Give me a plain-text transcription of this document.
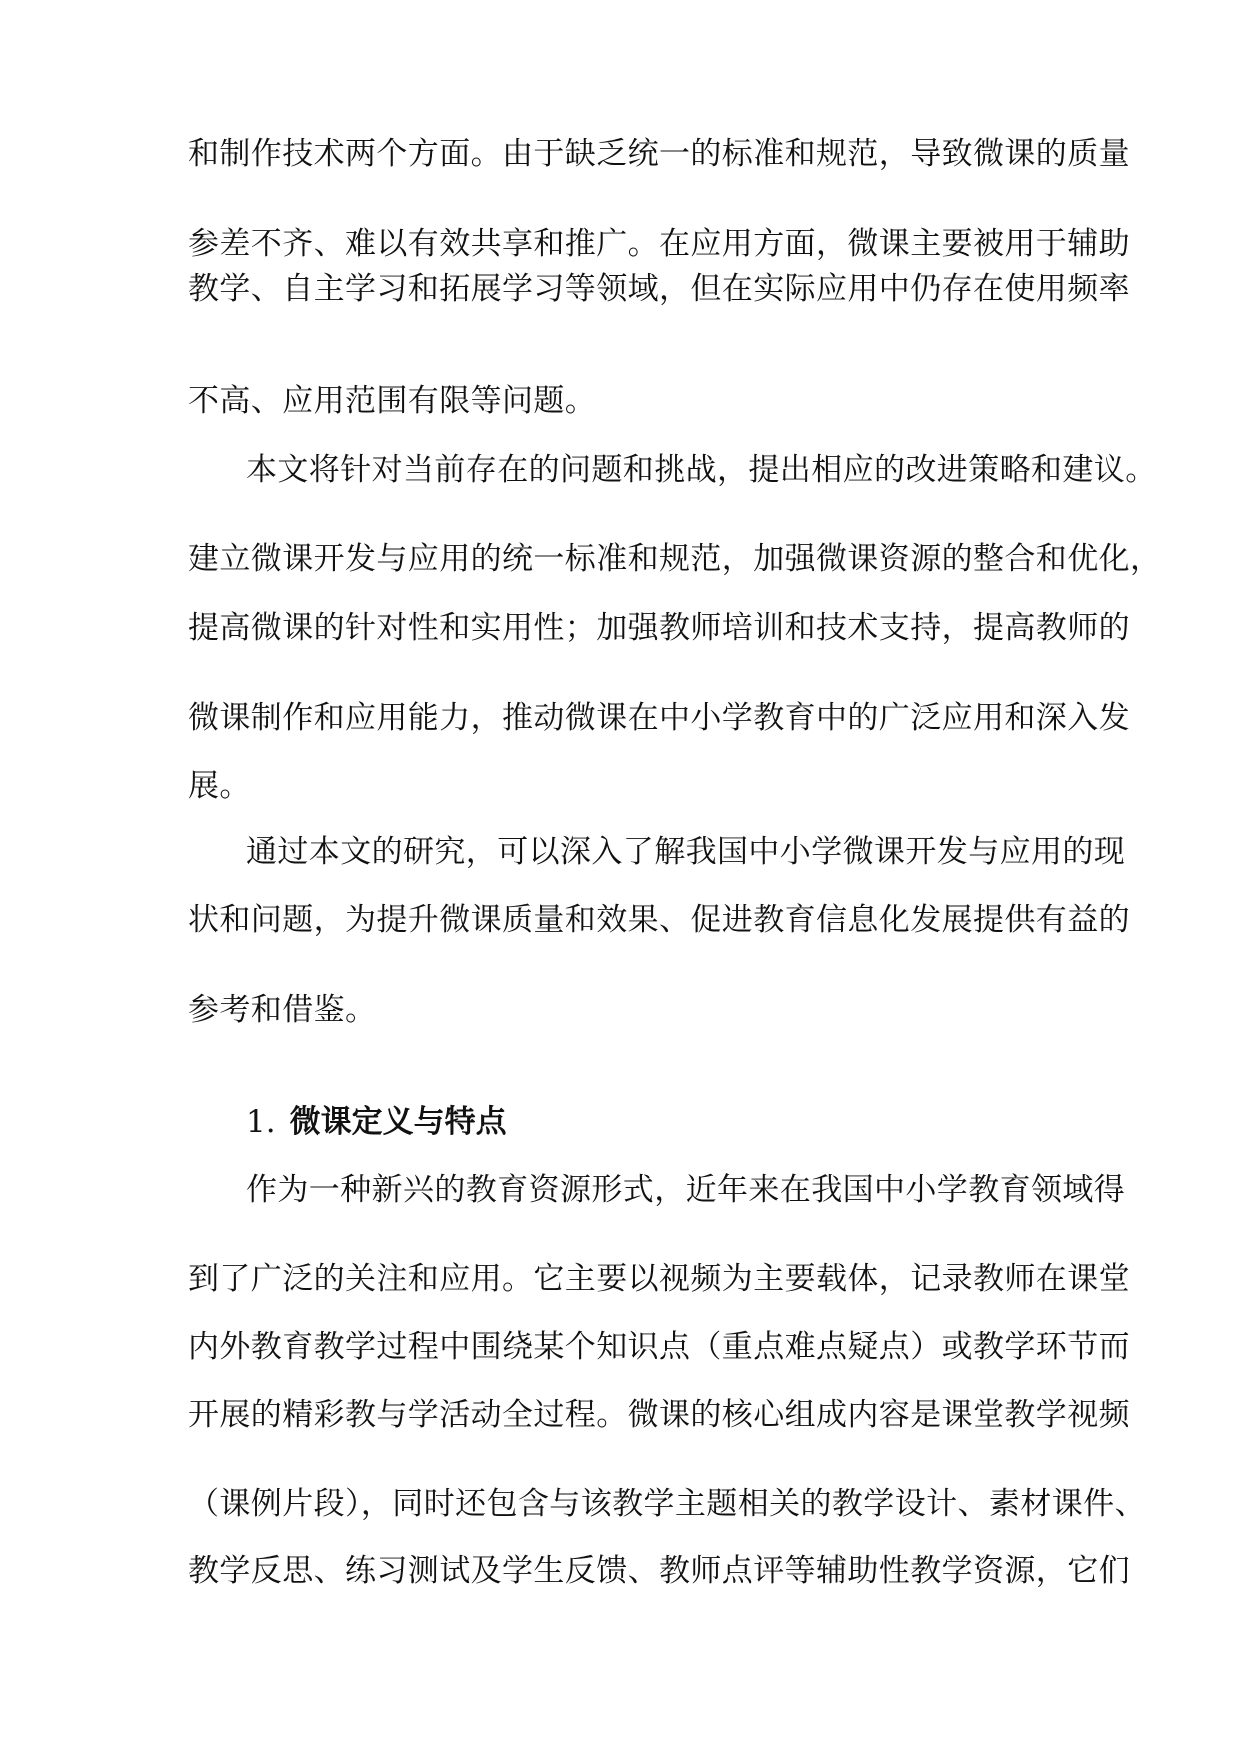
和制作技术两个方面。由于缺乏统一的标准和规范，导致微课的质量
参差不齐、难以有效共享和推广。在应用方面，微课主要被用于辅助
教学、自主学习和拓展学习等领域，但在实际应用中仍存在使用频率
不高、应用范围有限等问题。
本文将针对当前存在的问题和挑战，提出相应的改进策略和建议。
建立微课开发与应用的统一标准和规范，加强微课资源的整合和优化，
提高微课的针对性和实用性；加强教师培训和技术支持，提高教师的
微课制作和应用能力，推动微课在中小学教育中的广泛应用和深入发
展。
通过本文的研究，可以深入了解我国中小学微课开发与应用的现
状和问题，为提升微课质量和效果、促进教育信息化发展提供有益的
参考和借鉴。
1. 微课定义与特点
作为一种新兴的教育资源形式，近年来在我国中小学教育领域得
到了广泛的关注和应用。它主要以视频为主要载体，记录教师在课堂
内外教育教学过程中围绕某个知识点（重点难点疑点）或教学环节而
开展的精彩教与学活动全过程。微课的核心组成内容是课堂教学视频
（课例片段），同时还包含与该教学主题相关的教学设计、素材课件、
教学反思、练习测试及学生反馈、教师点评等辅助性教学资源，它们
